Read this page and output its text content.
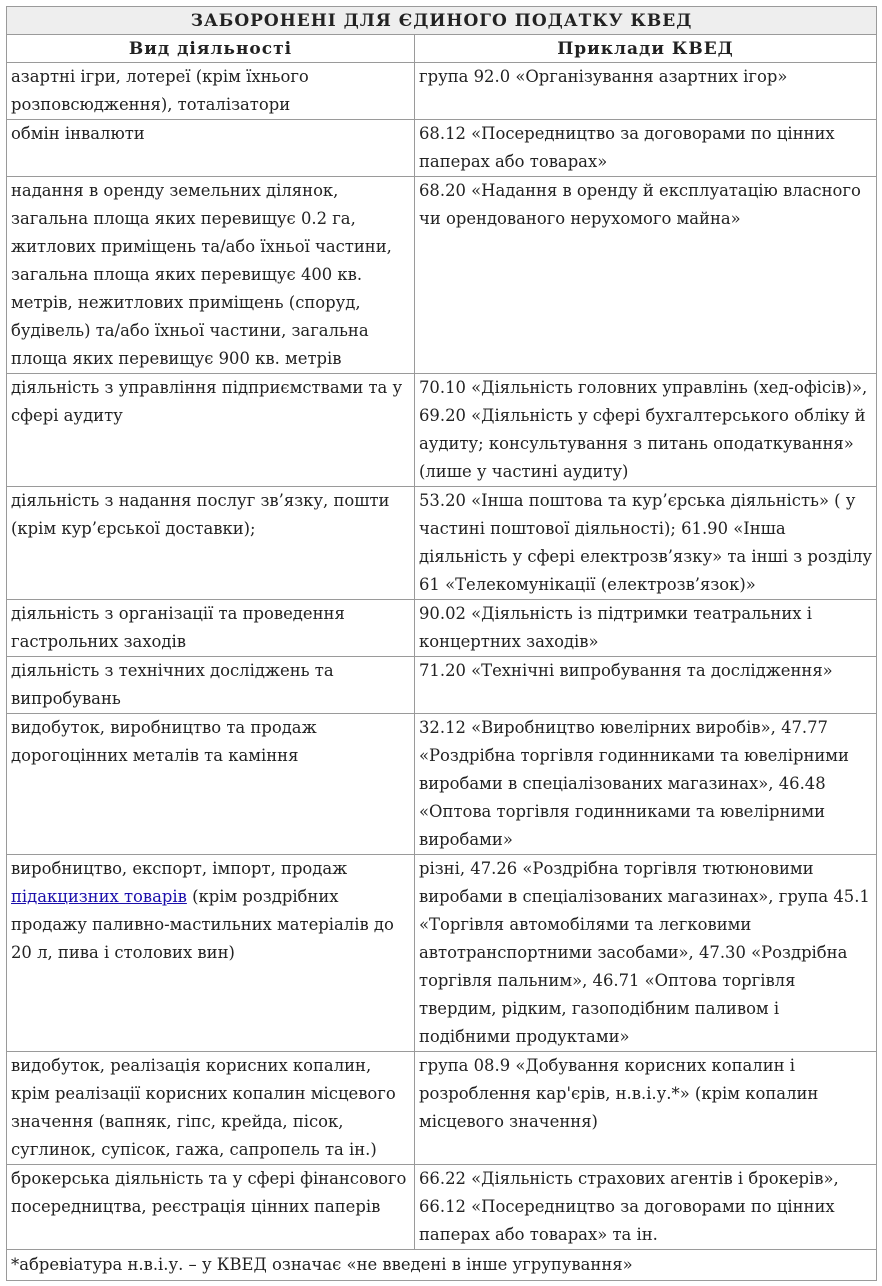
ЗАБОРОНЕНІ ДЛЯ ЄДИНОГО ПОДАТКУ КВЕД	
Вид діяльності	Приклади КВЕД
азартні ігри, лотереї (крім їхнього розповсюдження), тоталізатори	група 92.0 «Організування азартних ігор»
обмін інвалюти	68.12 «Посередництво за договорами по цінних паперах або товарах»
надання в оренду земельних ділянок, загальна площа яких перевищує 0.2 га, житлових приміщень та/або їхньої частини, загальна площа яких перевищує 400 кв. метрів, нежитлових приміщень (споруд, будівель) та/або їхньої частини, загальна площа яких перевищує 900 кв. метрів	68.20 «Надання в оренду й експлуатацію власного чи орендованого нерухомого майна»
діяльність з управління підприємствами та у сфері аудиту	70.10 «Діяльність головних управлінь (хед-офісів)», 69.20 «Діяльність у сфері бухгалтерського обліку й аудиту; консультування з питань оподаткування» (лише у частині аудиту)
діяльність з надання послуг зв’язку, пошти (крім кур’єрської доставки);	53.20 «Інша поштова та кур’єрська діяльність» ( у частині поштової діяльності); 61.90 «Інша діяльність у сфері електрозв’язку» та інші з розділу 61 «Телекомунікації (електрозв’язок)»
діяльність з організації та проведення гастрольних заходів	90.02 «Діяльність із підтримки театральних і концертних заходів»
діяльність з технічних досліджень та випробувань	71.20 «Технічні випробування та дослідження»
видобуток, виробництво та продаж дорогоцінних металів та каміння	32.12 «Виробництво ювелірних виробів», 47.77 «Роздрібна торгівля годинниками та ювелірними виробами в спеціалізованих магазинах», 46.48 «Оптова торгівля годинниками та ювелірними виробами»
виробництво, експорт, імпорт, продаж підакцизних товарів (крім роздрібних продажу паливно-мастильних матеріалів до 20 л, пива і столових вин)	різні, 47.26 «Роздрібна торгівля тютюновими виробами в спеціалізованих магазинах», група 45.1 «Торгівля автомобілями та легковими автотранспортними засобами», 47.30 «Роздрібна торгівля пальним», 46.71 «Оптова торгівля твердим, рідким, газоподібним паливом і подібними продуктами»
видобуток, реалізація корисних копалин, крім реалізації корисних копалин місцевого значення (вапняк, гіпс, крейда, пісок, суглинок, супісок, гажа, сапропель та ін.)	група 08.9 «Добування корисних копалин і розроблення кар'єрів, н.в.і.у.*» (крім копалин місцевого значення)
брокерська діяльність та у сфері фінансового посередництва, реєстрація цінних паперів	66.22 «Діяльність страхових агентів і брокерів», 66.12 «Посередництво за договорами по цінних паперах або товарах» та ін.
*абревіатура н.в.і.у. – у КВЕД означає «не введені в інше угрупування»	
